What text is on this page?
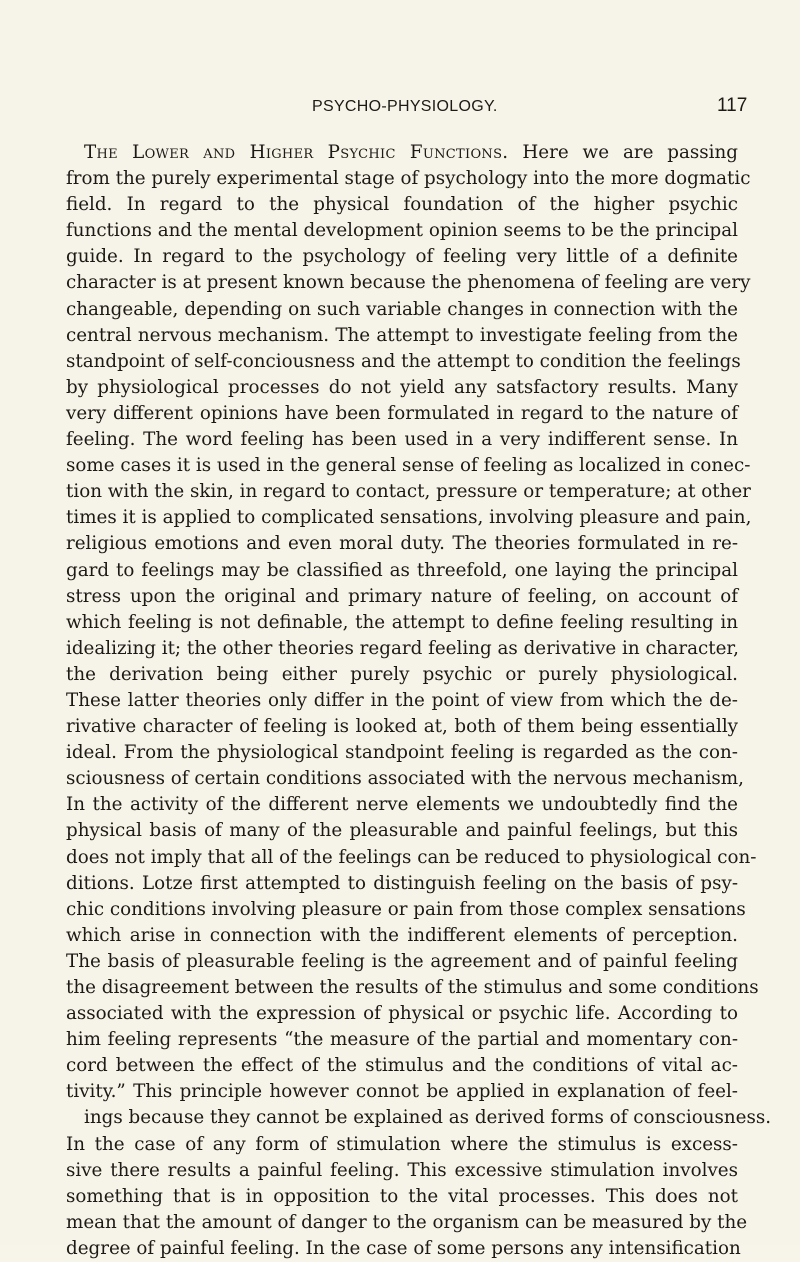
PSYCHO-PHYSIOLOGY.	117
The Lower and Higher Psychic Functions. Here we are passing
from the purely experimental stage of psychology into the more dogmatic
field. In regard to the physical foundation of the higher psychic
functions and the mental development opinion seems to be the principal
guide. In regard to the psychology of feeling very little of a definite
character is at present known because the phenomena of feeling are very
changeable, depending on such variable changes in connection with the
central nervous mechanism. The attempt to investigate feeling from the
standpoint of self-conciousness and the attempt to condition the feelings
by physiological processes do not yield any satsfactory results. Many
very different opinions have been formulated in regard to the nature of
feeling. The word feeling has been used in a very indifferent sense. In
some cases it is used in the general sense of feeling as localized in conec-
tion with the skin, in regard to contact, pressure or temperature; at other
times it is applied to complicated sensations, involving pleasure and pain,
religious emotions and even moral duty. The theories formulated in re-
gard to feelings may be classified as threefold, one laying the principal
stress upon the original and primary nature of feeling, on account of
which feeling is not definable, the attempt to define feeling resulting in
idealizing it; the other theories regard feeling as derivative in character,
the derivation being either purely psychic or purely physiological.
These latter theories only differ in the point of view from which the de-
rivative character of feeling is looked at, both of them being essentially
ideal. From the physiological standpoint feeling is regarded as the con-
sciousness of certain conditions associated with the nervous mechanism,
In the activity of the different nerve elements we undoubtedly find the
physical basis of many of the pleasurable and painful feelings, but this
does not imply that all of the feelings can be reduced to physiological con-
ditions. Lotze first attempted to distinguish feeling on the basis of psy-
chic conditions involving pleasure or pain from those complex sensations
which arise in connection with the indifferent elements of perception.
The basis of pleasurable feeling is the agreement and of painful feeling
the disagreement between the results of the stimulus and some conditions
associated with the expression of physical or psychic life. According to
him feeling represents “the measure of the partial and momentary con-
cord between the effect of the stimulus and the conditions of vital ac-
tivity.” This principle however connot be applied in explanation of feel-
ings because they cannot be explained as derived forms of consciousness.
In the case of any form of stimulation where the stimulus is excess-
sive there results a painful feeling. This excessive stimulation involves
something that is in opposition to the vital processes. This does not
mean that the amount of danger to the organism can be measured by the
degree of painful feeling. In the case of some persons any intensification
